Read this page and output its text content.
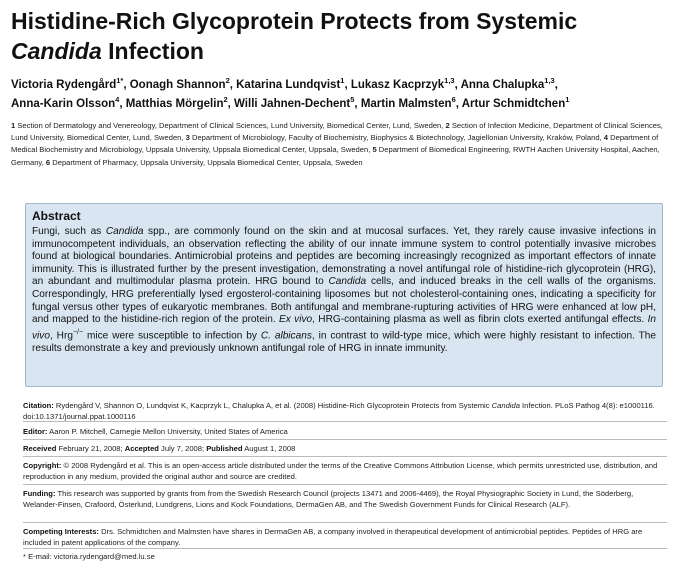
Histidine-Rich Glycoprotein Protects from Systemic
Candida Infection
Victoria Rydengård$^{1*}$, Oonagh Shannon$^2$, Katarina Lundqvist$^1$, Lukasz Kacprzyk$^{1,3}$, Anna Chalupka$^{1,3}$,
Anna-Karin Olsson$^4$, Matthias Mörgelin$^2$, Willi Jahnen-Dechent$^5$, Martin Malmsten$^6$, Artur Schmidtchen$^1$
1 Section of Dermatology and Venereology, Department of Clinical Sciences, Lund University, Biomedical Center, Lund, Sweden, 2 Section of Infection Medicine, Department of Clinical Sciences, Lund University, Biomedical Center, Lund, Sweden, 3 Department of Microbiology, Faculty of Biochemistry, Biophysics & Biotechnology, Jagiellonian University, Kraków, Poland, 4 Department of Medical Biochemistry and Microbiology, Uppsala University, Uppsala Biomedical Center, Uppsala, Sweden, 5 Department of Biomedical Engineering, RWTH Aachen University Hospital, Aachen, Germany, 6 Department of Pharmacy, Uppsala University, Uppsala Biomedical Center, Uppsala, Sweden
Abstract
Fungi, such as Candida spp., are commonly found on the skin and at mucosal surfaces. Yet, they rarely cause invasive infections in immunocompetent individuals, an observation reflecting the ability of our innate immune system to control potentially invasive microbes found at biological boundaries. Antimicrobial proteins and peptides are becoming increasingly recognized as important effectors of innate immunity. This is illustrated further by the present investigation, demonstrating a novel antifungal role of histidine-rich glycoprotein (HRG), an abundant and multimodular plasma protein. HRG bound to Candida cells, and induced breaks in the cell walls of the organisms. Correspondingly, HRG preferentially lysed ergosterol-containing liposomes but not cholesterol-containing ones, indicating a specificity for fungal versus other types of eukaryotic membranes. Both antifungal and membrane-rupturing activities of HRG were enhanced at low pH, and mapped to the histidine-rich region of the protein. Ex vivo, HRG-containing plasma as well as fibrin clots exerted antifungal effects. In vivo, Hrg−/− mice were susceptible to infection by C. albicans, in contrast to wild-type mice, which were highly resistant to infection. The results demonstrate a key and previously unknown antifungal role of HRG in innate immunity.
Citation: Rydengård V, Shannon O, Lundqvist K, Kacprzyk L, Chalupka A, et al. (2008) Histidine-Rich Glycoprotein Protects from Systemic Candida Infection. PLoS Pathog 4(8): e1000116. doi:10.1371/journal.ppat.1000116
Editor: Aaron P. Mitchell, Carnegie Mellon University, United States of America
Received February 21, 2008; Accepted July 7, 2008; Published August 1, 2008
Copyright: © 2008 Rydengård et al. This is an open-access article distributed under the terms of the Creative Commons Attribution License, which permits unrestricted use, distribution, and reproduction in any medium, provided the original author and source are credited.
Funding: This research was supported by grants from from the Swedish Research Council (projects 13471 and 2006-4469), the Royal Physiographic Society in Lund, the Söderberg, Welander-Finsen, Crafoord, Österlund, Lundgrens, Lions and Kock Foundations, DermaGen AB, and The Swedish Government Funds for Clinical Research (ALF).
Competing Interests: Drs. Schmidtchen and Malmsten have shares in DermaGen AB, a company involved in therapeutical development of antimicrobial peptides. Peptides of HRG are included in patent applications of the company.
* E-mail: victoria.rydengard@med.lu.se
